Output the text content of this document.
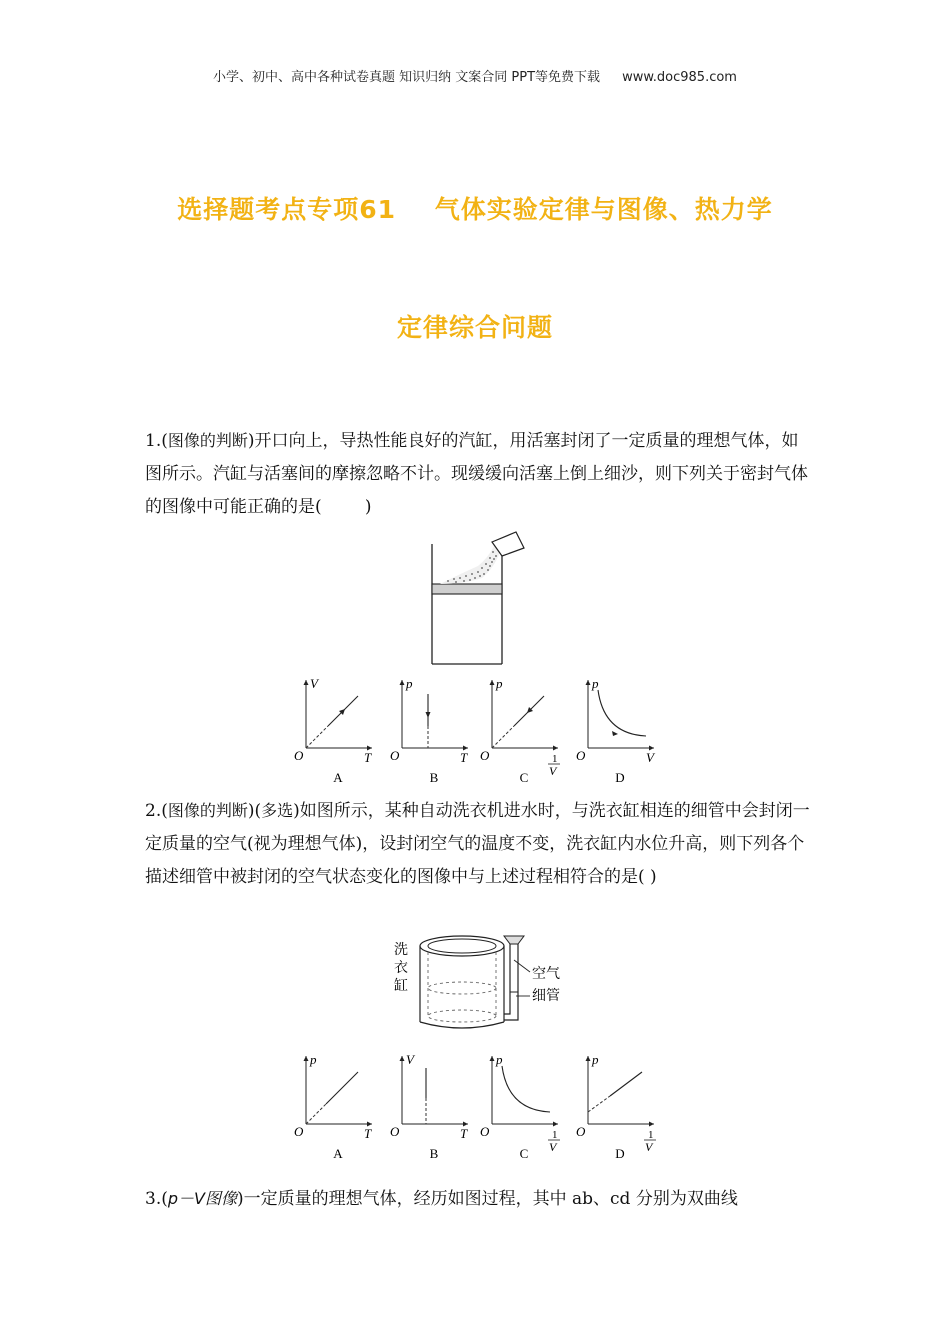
小学、初中、高中各种试卷真题 知识归纳 文案合同 PPT等免费下载 www.doc985.com
选择题考点专项61    气体实验定律与图像、热力学
定律综合问题
1.(图像的判断)开口向上，导热性能良好的汽缸，用活塞封闭了一定质量的理想气体，如图所示。汽缸与活塞间的摩擦忽略不计。现缓缓向活塞上倒上细沙，则下列关于密封气体的图像中可能正确的是(        )
V
O	T
A
p
O	T
B
p
O	1
V
C
p
O	V
D
2.(图像的判断)(多选)如图所示，某种自动洗衣机进水时，与洗衣缸相连的细管中会封闭一定质量的空气(视为理想气体)，设封闭空气的温度不变，洗衣缸内水位升高，则下列各个描述细管中被封闭的空气状态变化的图像中与上述过程相符合的是( )
洗
衣
缸
空气
细管
p
O	T
A
V
O	T
B
p
O	1
V
C
p
O	1
V
D
3.(p－V图像)一定质量的理想气体，经历如图过程，其中 ab、cd 分别为双曲线
